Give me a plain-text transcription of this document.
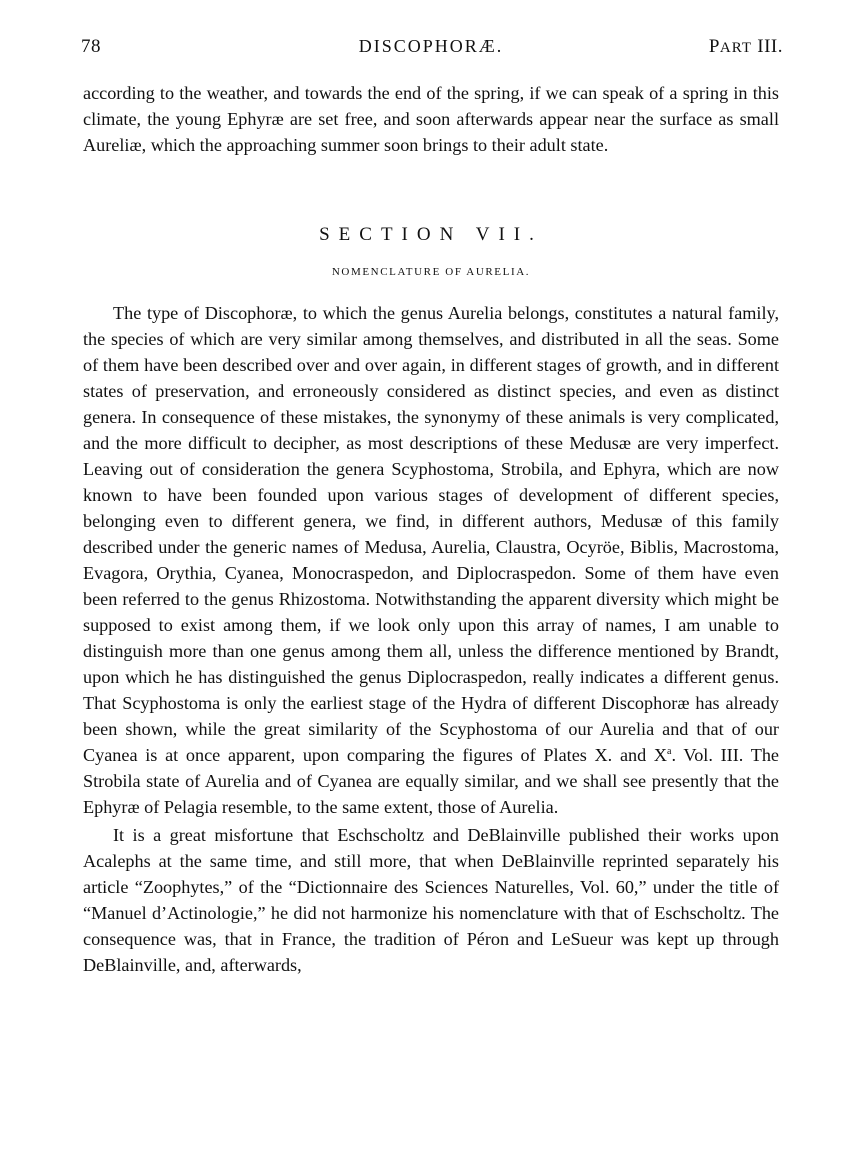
78	DISCOPHORÆ.	PART III.

according to the weather, and towards the end of the spring, if we can speak of a spring in this climate, the young Ephyræ are set free, and soon afterwards appear near the surface as small Aureliæ, which the approaching summer soon brings to their adult state.

SECTION VII.
NOMENCLATURE OF AURELIA.

The type of Discophoræ, to which the genus Aurelia belongs, constitutes a natural family, the species of which are very similar among themselves, and distributed in all the seas. Some of them have been described over and over again, in different stages of growth, and in different states of preservation, and erroneously considered as distinct species, and even as distinct genera. In consequence of these mistakes, the synonymy of these animals is very complicated, and the more difficult to decipher, as most descriptions of these Medusæ are very imperfect. Leaving out of consideration the genera Scyphostoma, Strobila, and Ephyra, which are now known to have been founded upon various stages of development of different species, belonging even to different genera, we find, in different authors, Medusæ of this family described under the generic names of Medusa, Aurelia, Claustra, Ocyröe, Biblis, Macrostoma, Evagora, Orythia, Cyanea, Monocraspedon, and Diplocraspedon. Some of them have even been referred to the genus Rhizostoma. Notwithstanding the apparent diversity which might be supposed to exist among them, if we look only upon this array of names, I am unable to distinguish more than one genus among them all, unless the difference mentioned by Brandt, upon which he has distinguished the genus Diplocraspedon, really indicates a different genus. That Scyphostoma is only the earliest stage of the Hydra of different Discophoræ has already been shown, while the great similarity of the Scyphostoma of our Aurelia and that of our Cyanea is at once apparent, upon comparing the figures of Plates X. and $X^a$. Vol. III. The Strobila state of Aurelia and of Cyanea are equally similar, and we shall see presently that the Ephyræ of Pelagia resemble, to the same extent, those of Aurelia.

It is a great misfortune that Eschscholtz and DeBlainville published their works upon Acalephs at the same time, and still more, that when DeBlainville reprinted separately his article “Zoophytes,” of the “Dictionnaire des Sciences Naturelles, Vol. 60,” under the title of “Manuel d’Actinologie,” he did not harmonize his nomenclature with that of Eschscholtz. The consequence was, that in France, the tradition of Péron and LeSueur was kept up through DeBlainville, and, afterwards,
